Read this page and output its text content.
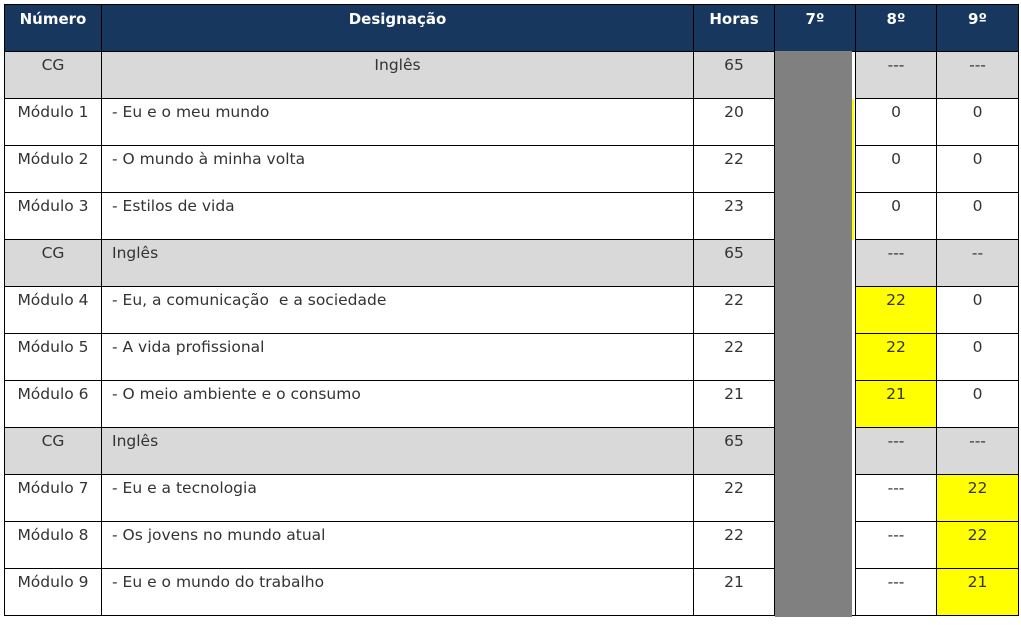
Número	Designação	Horas	7º	8º	9º
CG	Inglês	65		---	---
Módulo 1	- Eu e o meu mundo	20		0	0
Módulo 2	- O mundo à minha volta	22		0	0
Módulo 3	- Estilos de vida	23		0	0
CG	Inglês	65		---	--
Módulo 4	- Eu, a comunicação  e a sociedade	22		22	0
Módulo 5	- A vida profissional	22		22	0
Módulo 6	- O meio ambiente e o consumo	21		21	0
CG	Inglês	65		---	---
Módulo 7	- Eu e a tecnologia	22		---	22
Módulo 8	- Os jovens no mundo atual	22		---	22
Módulo 9	- Eu e o mundo do trabalho	21		---	21
